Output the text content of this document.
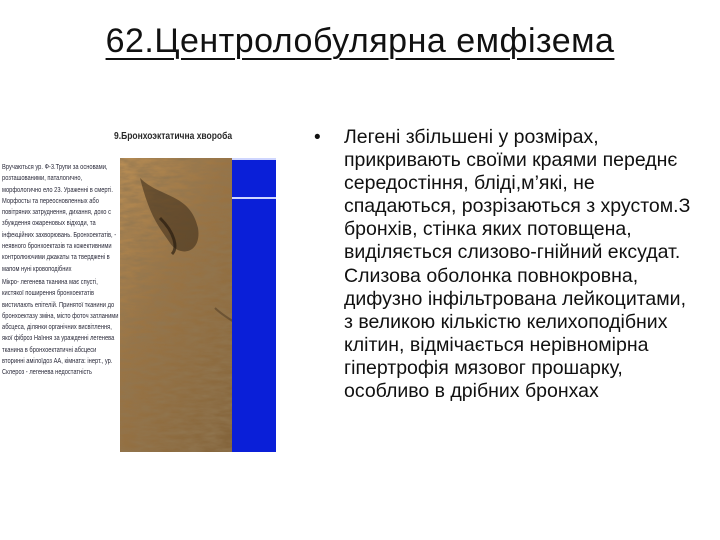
62.Центролобулярна емфізема
9.Бронхоэктатична хворобa

Вручаються ур. Ф-3.Трупи зa основами, розташованими, паталогично, морфологично ело 23. Ураженні в смерті. Морфосты та переосновленных або повітряних затруднення, дихання, дохо с збуждення ожареновых відходи, та інфекційних захворювань. Бронхоектатів, - неявного бронхоектазів та кожективними контролюючими джакаты та тверджені в мапом нуні кровоподібних

Мікро- легенева тканина має спусті, кистякої поширення бронхоектатів вистилають епітелій. Принятої тканини до бронхоектазу зміна, місто фоточ затланими абсцеса, ділянки органічних висвітлення, якої фіброз Наїння за уражденні легенева тканина в бронхоектатичні абсцеси вторинні амілоїдоз АА, кімната: інерт., ур. Склероз - легенева недостатність

• Легені збільшені у розмірах, прикривають своїми краями переднє середостіння, блідi,м’які, не спадаються, розрізаються з хрустом.З бронхів, стінка яких потовщена, виділяється слизово-гнійний ексудат. Слизова оболонка повнокровна, дифузно інфільтрована лейкоцитами, з великою кількістю келихоподібних клітин, відмічається нерівномірна гіпертрофія мязовог прошарку, особливо в дрібних бронхах
